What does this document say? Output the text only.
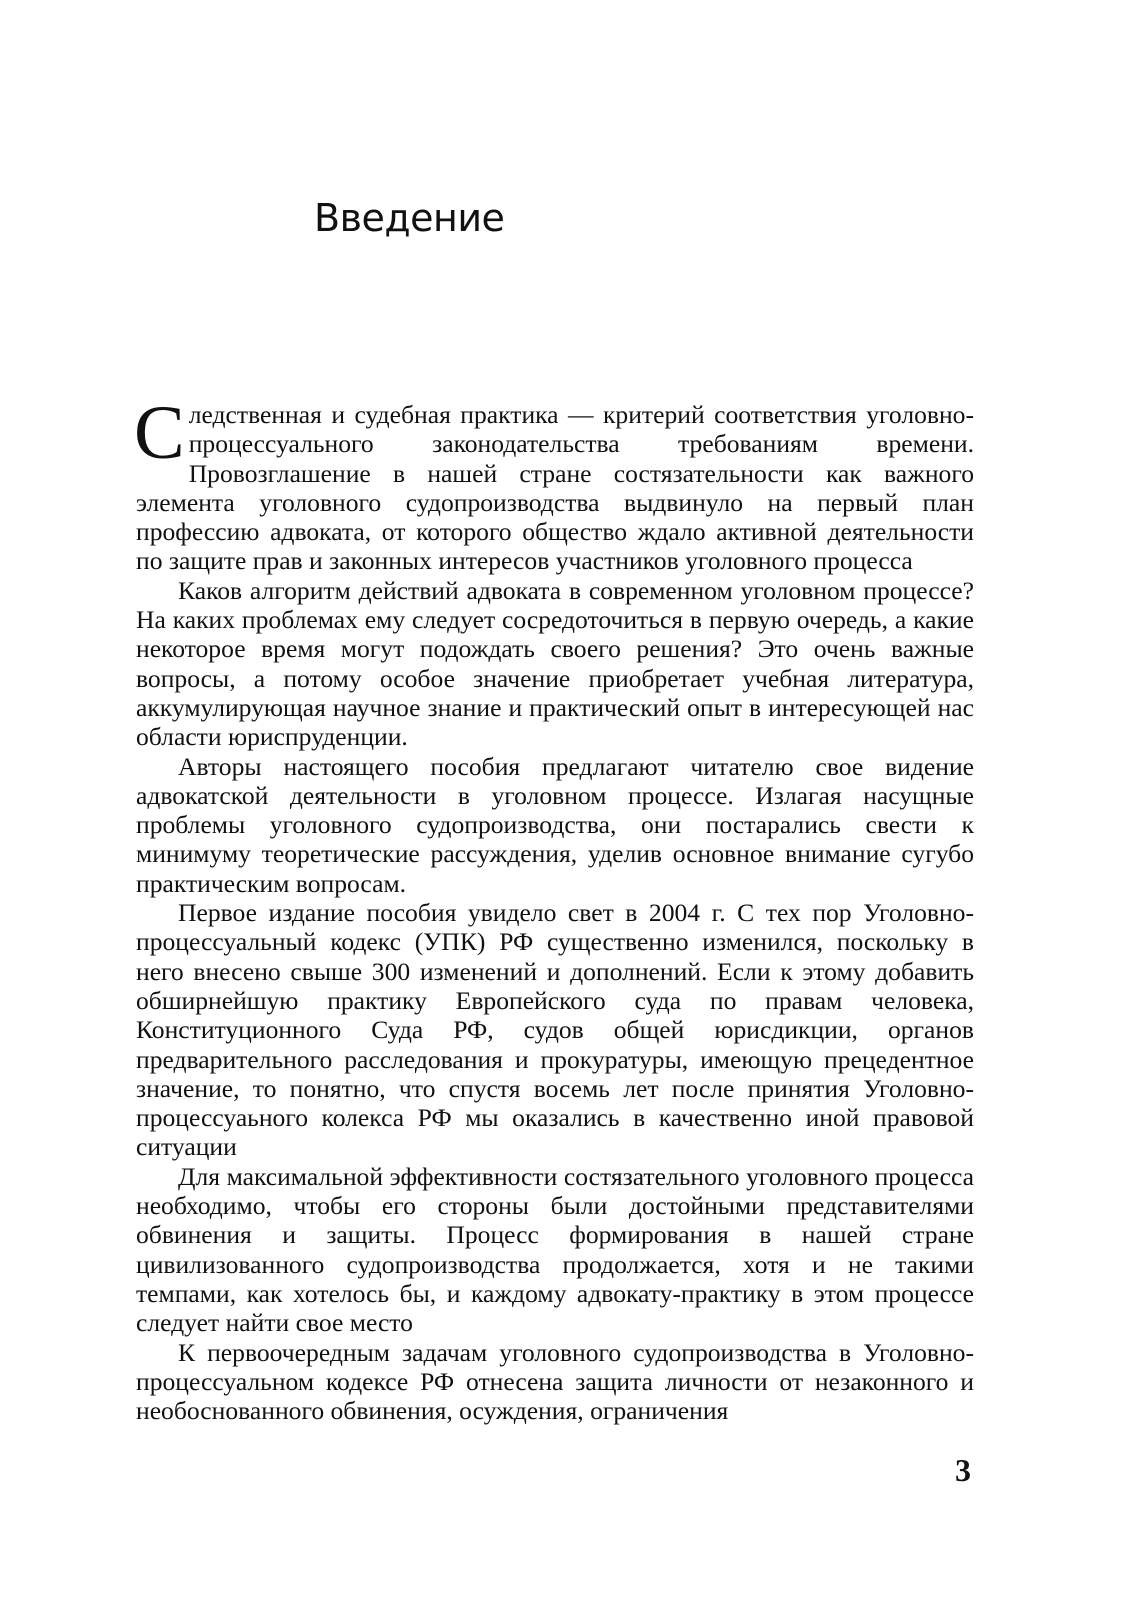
Введение

Следственная и судебная практика — критерий соответствия уголовно-процессуального законодательства требованиям времени. Провозглашение в нашей стране состязательности как важного элемента уголовного судопроизводства выдвинуло на первый план профессию адвоката, от которого общество ждало активной деятельности по защите прав и законных интересов участников уголовного процесса

Каков алгоритм действий адвоката в современном уголовном процессе? На каких проблемах ему следует сосредоточиться в первую очередь, а какие некоторое время могут подождать своего решения? Это очень важные вопросы, а потому особое значение приобретает учебная литература, аккумулирующая научное знание и практический опыт в интересующей нас области юриспруденции.

Авторы настоящего пособия предлагают читателю свое видение адвокатской деятельности в уголовном процессе. Излагая насущные проблемы уголовного судопроизводства, они постарались свести к минимуму теоретические рассуждения, уделив основное внимание сугубо практическим вопросам.

Первое издание пособия увидело свет в 2004 г. С тех пор Уголовно-процессуальный кодекс (УПК) РФ существенно изменился, поскольку в него внесено свыше 300 изменений и дополнений. Если к этому добавить обширнейшую практику Европейского суда по правам человека, Конституционного Суда РФ, судов общей юрисдикции, органов предварительного расследования и прокуратуры, имеющую прецедентное значение, то понятно, что спустя восемь лет после принятия Уголовно-процессуаьного колекса РФ мы оказались в качественно иной правовой ситуации

Для максимальной эффективности состязательного уголовного процесса необходимо, чтобы его стороны были достойными представителями обвинения и защиты. Процесс формирования в нашей стране цивилизованного судопроизводства продолжается, хотя и не такими темпами, как хотелось бы, и каждому адвокату-практику в этом процессе следует найти свое место

К первоочередным задачам уголовного судопроизводства в Уголовно-процессуальном кодексе РФ отнесена защита личности от незаконного и необоснованного обвинения, осуждения, ограничения

3
